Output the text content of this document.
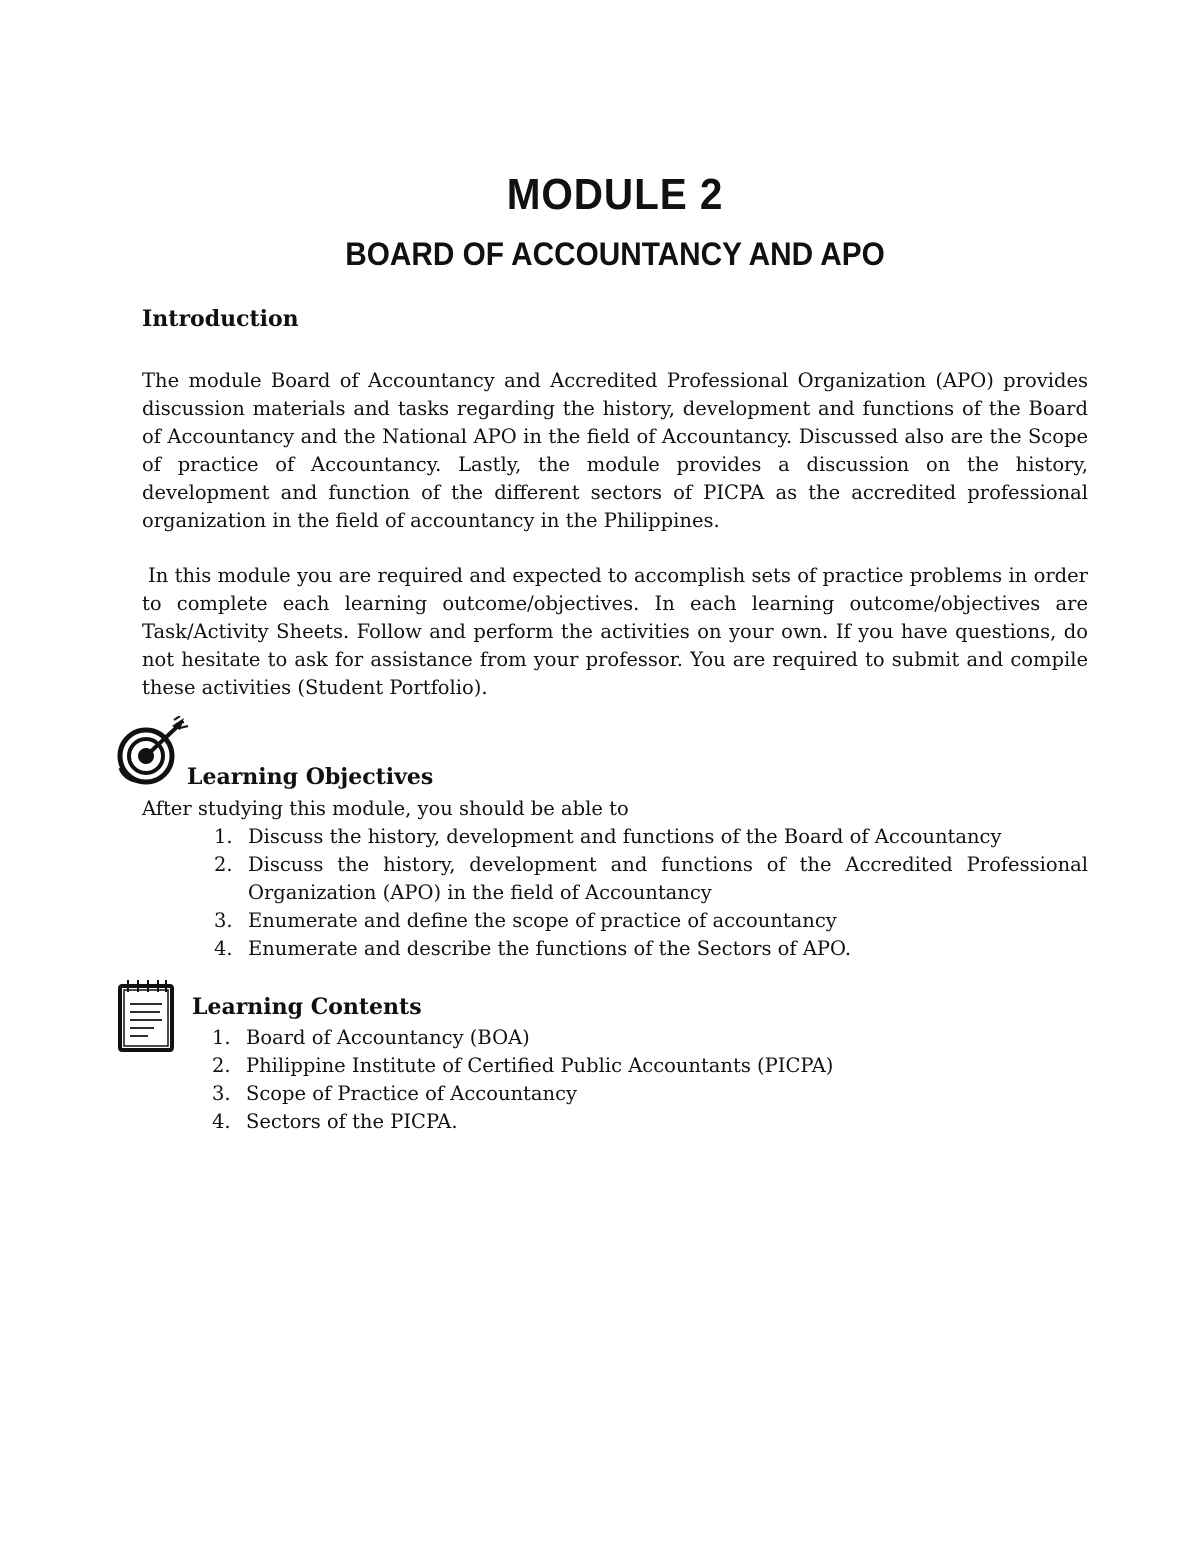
MODULE 2
BOARD OF ACCOUNTANCY AND APO
Introduction

The module Board of Accountancy and Accredited Professional Organization (APO) provides discussion materials and tasks regarding the history, development and functions of the Board of Accountancy and the National APO in the field of Accountancy. Discussed also are the Scope of practice of Accountancy. Lastly, the module provides a discussion on the history, development and function of the different sectors of PICPA as the accredited professional organization in the field of accountancy in the Philippines.

In this module you are required and expected to accomplish sets of practice problems in order to complete each learning outcome/objectives. In each learning outcome/objectives are Task/Activity Sheets. Follow and perform the activities on your own. If you have questions, do not hesitate to ask for assistance from your professor. You are required to submit and compile these activities (Student Portfolio).

Learning Objectives
After studying this module, you should be able to
1. Discuss the history, development and functions of the Board of Accountancy
2. Discuss the history, development and functions of the Accredited Professional Organization (APO) in the field of Accountancy
3. Enumerate and define the scope of practice of accountancy
4. Enumerate and describe the functions of the Sectors of APO.
Learning Contents
1. Board of Accountancy (BOA)
2. Philippine Institute of Certified Public Accountants (PICPA)
3. Scope of Practice of Accountancy
4. Sectors of the PICPA.
